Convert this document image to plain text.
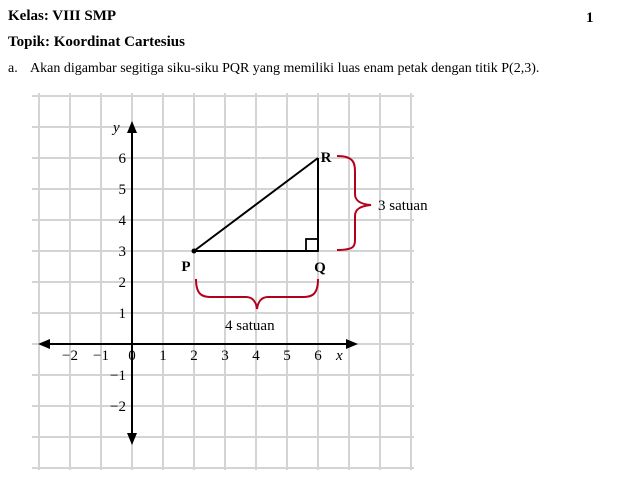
Kelas: VIII SMP	1
Topik: Koordinat Cartesius
a. Akan digambar segitiga siku-siku PQR yang memiliki luas enam petak dengan titik P(2,3).
x
y
−2 −1 0 1 2 3 4 5 6
−2
−1
1
2
3
4
5
6
P	Q
R
4 satuan
3 satuan
